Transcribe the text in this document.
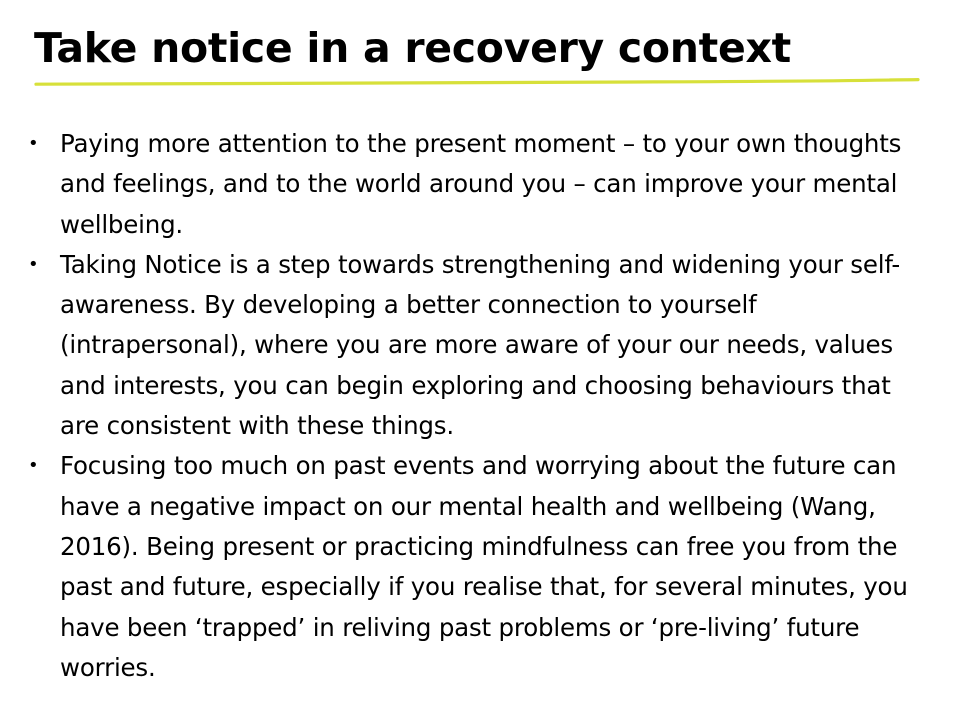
Take notice in a recovery context
• Paying more attention to the present moment – to your own thoughts and feelings, and to the world around you – can improve your mental wellbeing.
• Taking Notice is a step towards strengthening and widening your self-awareness. By developing a better connection to yourself (intrapersonal), where you are more aware of your our needs, values and interests, you can begin exploring and choosing behaviours that are consistent with these things.
• Focusing too much on past events and worrying about the future can have a negative impact on our mental health and wellbeing (Wang, 2016). Being present or practicing mindfulness can free you from the past and future, especially if you realise that, for several minutes, you have been ‘trapped’ in reliving past problems or ‘pre-living’ future worries.
